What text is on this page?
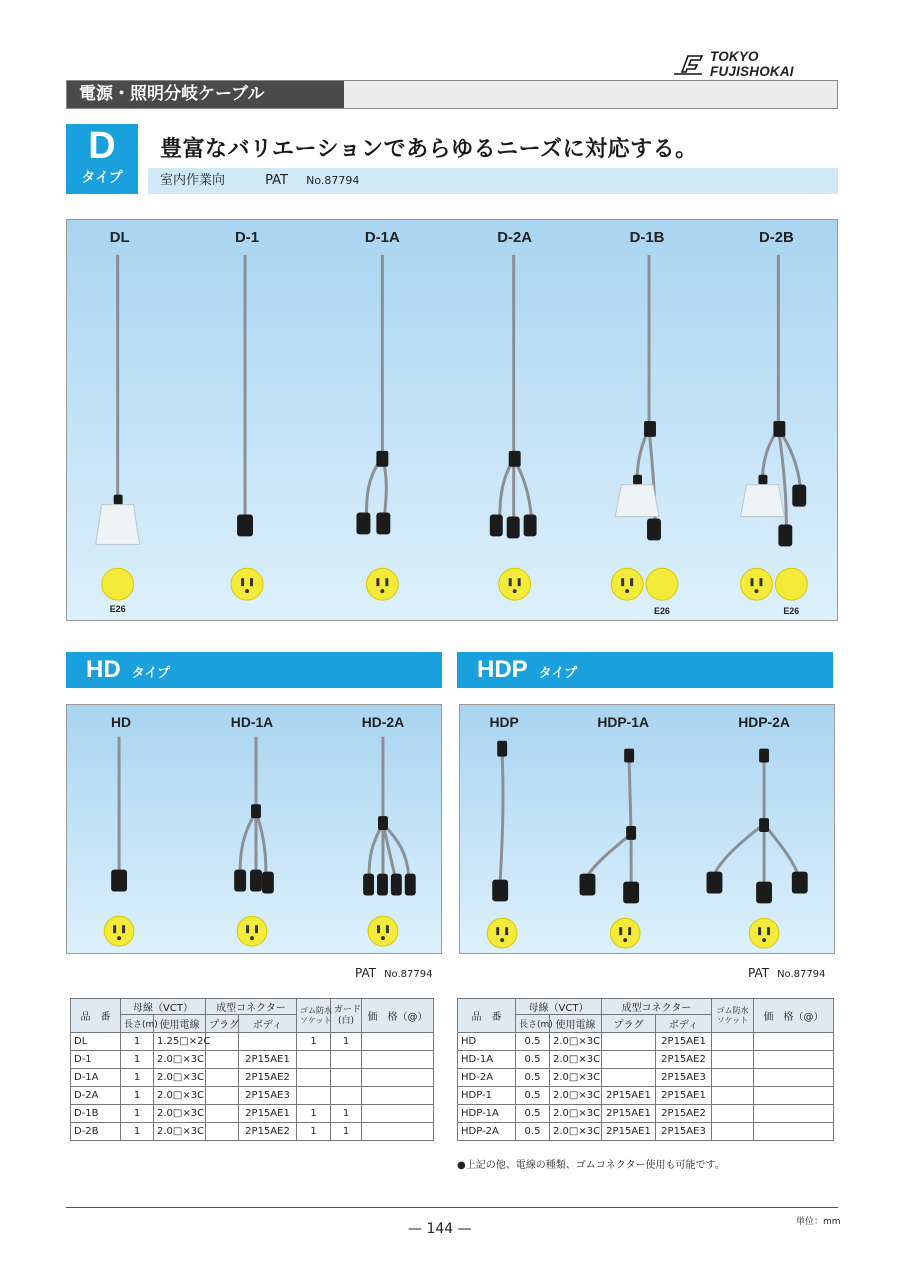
TOKYO FUJISHOKAI
電源・照明分岐ケーブル
D
タイプ
豊富なバリエーションであらゆるニーズに対応する。
室内作業向	PAT No.87794
DL	D-1	D-1A	D-2A	D-1B	D-2B
E26	E26	E26
HD タイプ	HDP タイプ
HD	HD-1A	HD-2A	HDP	HDP-1A	HDP-2A
PAT No.87794	PAT No.87794
品　番	母線（VCT）		成型コネクター		ゴム防水
ソケット	ガード
(白)	価　格（@）
	長さ(m)	使用電線	プラグ	ボディ			
DL	1	1.25□×2C			1	1	
D-1	1	2.0□×3C		2P15AE1			
D-1A	1	2.0□×3C		2P15AE2			
D-2A	1	2.0□×3C		2P15AE3			
D-1B	1	2.0□×3C		2P15AE1	1	1	
D-2B	1	2.0□×3C		2P15AE2	1	1	
品　番	母線（VCT）		成型コネクター		ゴム防水
ソケット	価　格（@）
	長さ(m)	使用電線	プラグ	ボディ		
HD	0.5	2.0□×3C		2P15AE1		
HD-1A	0.5	2.0□×3C		2P15AE2		
HD-2A	0.5	2.0□×3C		2P15AE3		
HDP-1	0.5	2.0□×3C	2P15AE1	2P15AE1		
HDP-1A	0.5	2.0□×3C	2P15AE1	2P15AE2		
HDP-2A	0.5	2.0□×3C	2P15AE1	2P15AE3		
●上記の他、電線の種類、ゴムコネクター使用も可能です。
— 144 —	単位：mm
